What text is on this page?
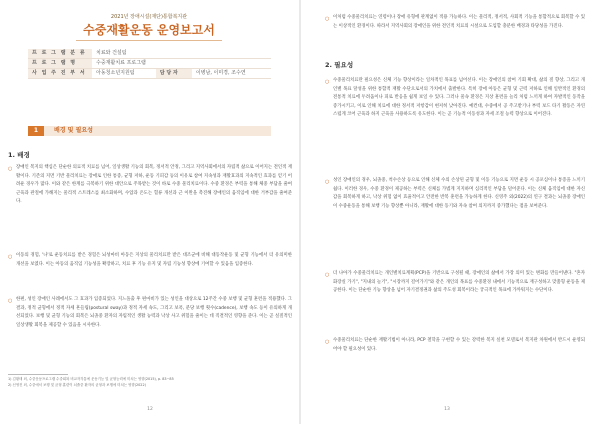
2021년 장애시설(재단)통합복지관
수중재활운동 운영보고서
프 로 그 램 분 류	치료와 건설팀		
프 로 그 램 명	수중재활치료 프로그램		
사 업 주 진 부 서	아동청소년지원팀	담 당 자	이병남, 이미경, 조수연
1	배경 및 필요성
1. 배경
○ 장애인 복지의 핵심은 단순한 의료적 치료를 넘어, 일상생활 기능의 회복, 정서적 안정, 그리고 지역사회에서의 자립적 삶으로 이어지는 전인적 재활이다. 기존의 지면 기반 물리치료는 장애로 인한 통증, 균형 저하, 운동 기피감 등의 이유로 참여 지속성과 재활효과의 지속적인 효과를 얻기 어려운 경우가 많다. 이와 같은 한계를 극복하기 위한 대안으로 주목받는 것이 바로 수중 물리치료이다. 수중 환경은 부력을 통해 체중 부담을 줄여 근육과 관절에 가해지는 물리적 스트레스를 최소화하며, 수압과 온도는 혈류 개선과 근 이완을 촉진해 장애인의 움직임에 대한 거부감을 줄여준다.
○ 이동의 경험, '나'로 운동치료를 받은 경험은 뇌성마비 아동은 지상의 물리치료만 받은 대조군에 비해 대동작운동 및 균형 기능에서 더 유의미한 개선을 보였다. 이는 아동의 움직임 기능성을 확장하고, 치료 후 기능 유지 및 자립 기능성 향상에 기여할 수 있음을 입증한다.
○ 한편, 성인 장애인 사례에서도 그 효과가 입증되었다. 지느돌출 후 편마비가 있는 성인을 대상으로 12주간 수중 보행 및 균형 훈련을 적용했다. 그 결과, 정적 균형에서 정적 자세 흔들림(postural sway)과 정적 자세 속도, 그리고 보폭, 분당 보행 횟수(cadence), 보행 속도 등이 유의하게 개선되었다. 보행 및 균형 기능의 회복은 뇌졸중 환자의 자립적인 생활 능력과 낙상 사고 위험을 줄이는 데 직결적인 영향을 준다. 이는 곧 실질적인 일상생활 회복을 제공할 수 있음을 시사한다.
1) 김황태 외, 수중운동프로그램 수중회복 비교자각통에 운동기능 및 균형능력에 미치는 영향(2015), p. 83~85
2) 신영진 외, 수중에서 보행 및 균형 훈련이 뇌졸중 환자의 균형과 보행에 미치는 영향(2022)
12
○ 이처럼 수중물리치료는 연령이나 장애 유형에 관계없이 적용 가능하다. 이는 물리적, 정서적, 사회적 기능을 통합적으로 회복할 수 있는 이상적인 환경이다. 따라서 지역사회의 장애인을 위한 전인적 치료의 시설으로 도입할 충분한 배경과 타당성을 가진다.
2. 필요성
○ 수중물리치료란 필요성은 신체 기능 향상이라는 일차적인 목표를 넘어선다. 이는 장애인의 참여 기회 확대, 삶의 질 향상, 그리고 개인별 목표 달성을 위한 통합적 재활 수단으로서의 가치에서 출발한다. 특히 장애 아동은 균형 및 근력 저하로 인해 일반적인 환경의 전통적 치료에 두려움이나 피로 반응을 쉽게 보일 수 있다. 그러나 물속 환경은 지상 훈련을 늘리 처럼 느끼게 하여 자발적인 동작을 증가시키고, 이로 인해 치료에 대한 정서적 저항감이 현저히 낮아진다. 예컨대, 수중에서 공 주고받기나 부력 보드 타기 활동은 자연스럽게 코어 근육과 하지 근육을 사용하도록 유도한다. 이는 곧 기능적 이동성과 자세 조절 능력 향상으로 이어진다.
○ 성인 장애인의 경우, 뇌졸중, 척수손상 등으로 인해 신체 수의 손상된 균형 및 이동 기능으로 지면 운동 시 공포심이나 통증을 느끼기 쉽다. 이러한 경우, 수중 환경이 제공하는 부력은 신체를 가볍게 지지하며 심리적인 부담을 덜어준다. 이는 신체 움직임에 대한 자신감을 회복하게 하고, 낙상 위험 없이 효율적이고 안전한 반복 훈련을 가능하게 한다. 신영주 외(2022)의 연구 결과는 뇌졸중 장애인이 수중운동을 통해 보행 기능 향상뿐 아니라, 재활에 대한 동기와 자속 참여 의지까지 증가했다는 점을 보여준다.
○ 더 나아가 수중물리치료는 개인별치료계획(PCP)을 기반으로 구성될 때, 장애인의 삶에서 가장 의미 있는 변화를 만들어낸다. "혼자 화장실 가기", "지내의 놀기", "시장까지 걸어가기"와 같은 개인의 목표를 수중환경 내에서 기능적으로 재구성하고 맞춤형 운동을 제공한다. 이는 단순한 기능 향상을 넘어 자기결정권과 삶의 주도성 회복이라는 궁극적인 목표에 가까워지는 수단이다.
○ 수중물리치료는 단순한 재활기법이 아니라, PCP 철학을 구현할 수 있는 강력한 복지 실천 모델로서 복지관 차원에서 반드시 운영되어야 할 필요성이 있다.
13
